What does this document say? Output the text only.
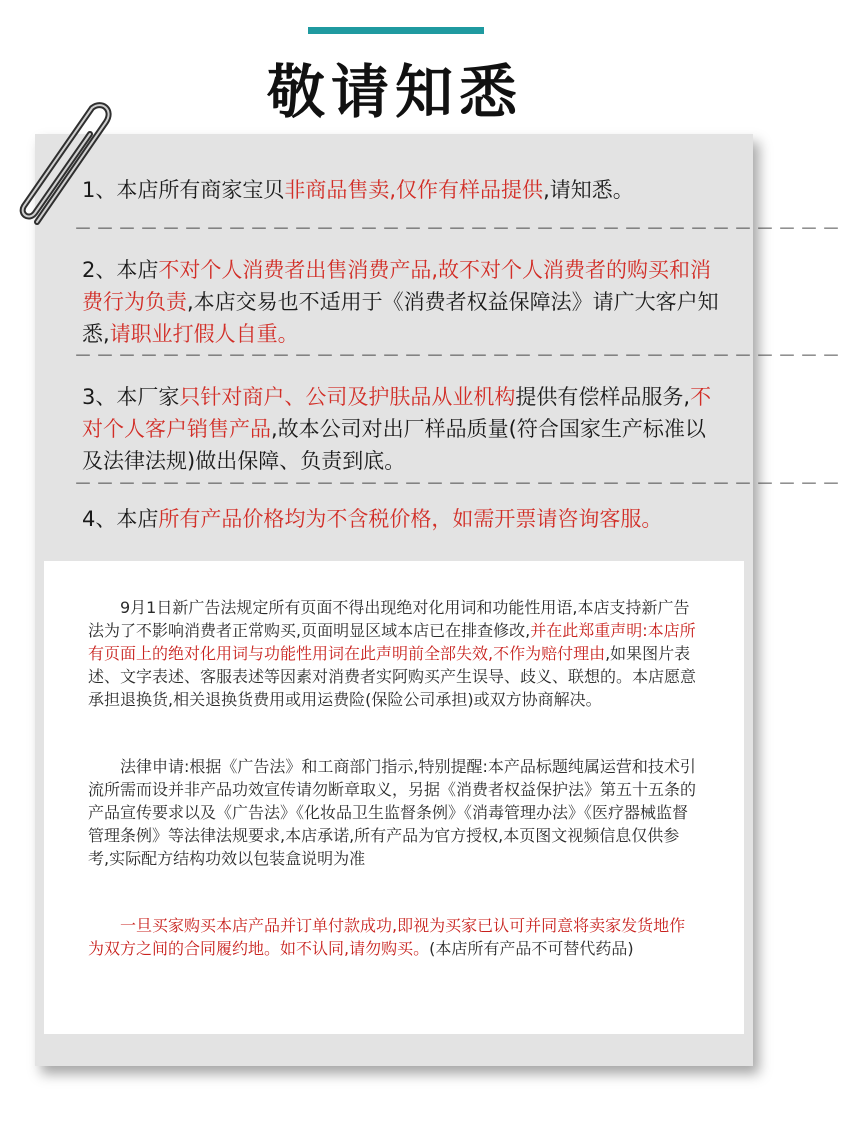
敬请知悉
1、本店所有商家宝贝非商品售卖,仅作有样品提供,请知悉。
－－－－－－－－－－－－－－－－－－－－－－－－－－－－－－－－－－－
2、本店不对个人消费者出售消费产品,故不对个人消费者的购买和消费行为负责,本店交易也不适用于《消费者权益保障法》请广大客户知悉,请职业打假人自重。
－－－－－－－－－－－－－－－－－－－－－－－－－－－－－－－－－－－
3、本厂家只针对商户、公司及护肤品从业机构提供有偿样品服务,不对个人客户销售产品,故本公司对出厂样品质量(符合国家生产标准以及法律法规)做出保障、负责到底。
－－－－－－－－－－－－－－－－－－－－－－－－－－－－－－－－－－－
4、本店所有产品价格均为不含税价格，如需开票请咨询客服。
9月1日新广告法规定所有页面不得出现绝对化用词和功能性用语,本店支持新广告法为了不影响消费者正常购买,页面明显区域本店已在排查修改,并在此郑重声明:本店所有页面上的绝对化用词与功能性用词在此声明前全部失效,不作为赔付理由,如果图片表述、文字表述、客服表述等因素对消费者实阿购买产生误导、歧义、联想的。本店愿意承担退换货,相关退换货费用或用运费险(保险公司承担)或双方协商解决。
法律申请:根据《广告法》和工商部门指示,特别提醒:本产品标题纯属运营和技术引流所需而设并非产品功效宣传请勿断章取义，另据《消费者权益保护法》第五十五条的产品宣传要求以及《广告法》《化妆品卫生监督条例》《消毒管理办法》《医疗器械监督管理条例》等法律法规要求,本店承诺,所有产品为官方授权,本页图文视频信息仅供参考,实际配方结构功效以包装盒说明为准
一旦买家购买本店产品并订单付款成功,即视为买家已认可并同意将卖家发货地作为双方之间的合同履约地。如不认同,请勿购买。(本店所有产品不可替代药品)
